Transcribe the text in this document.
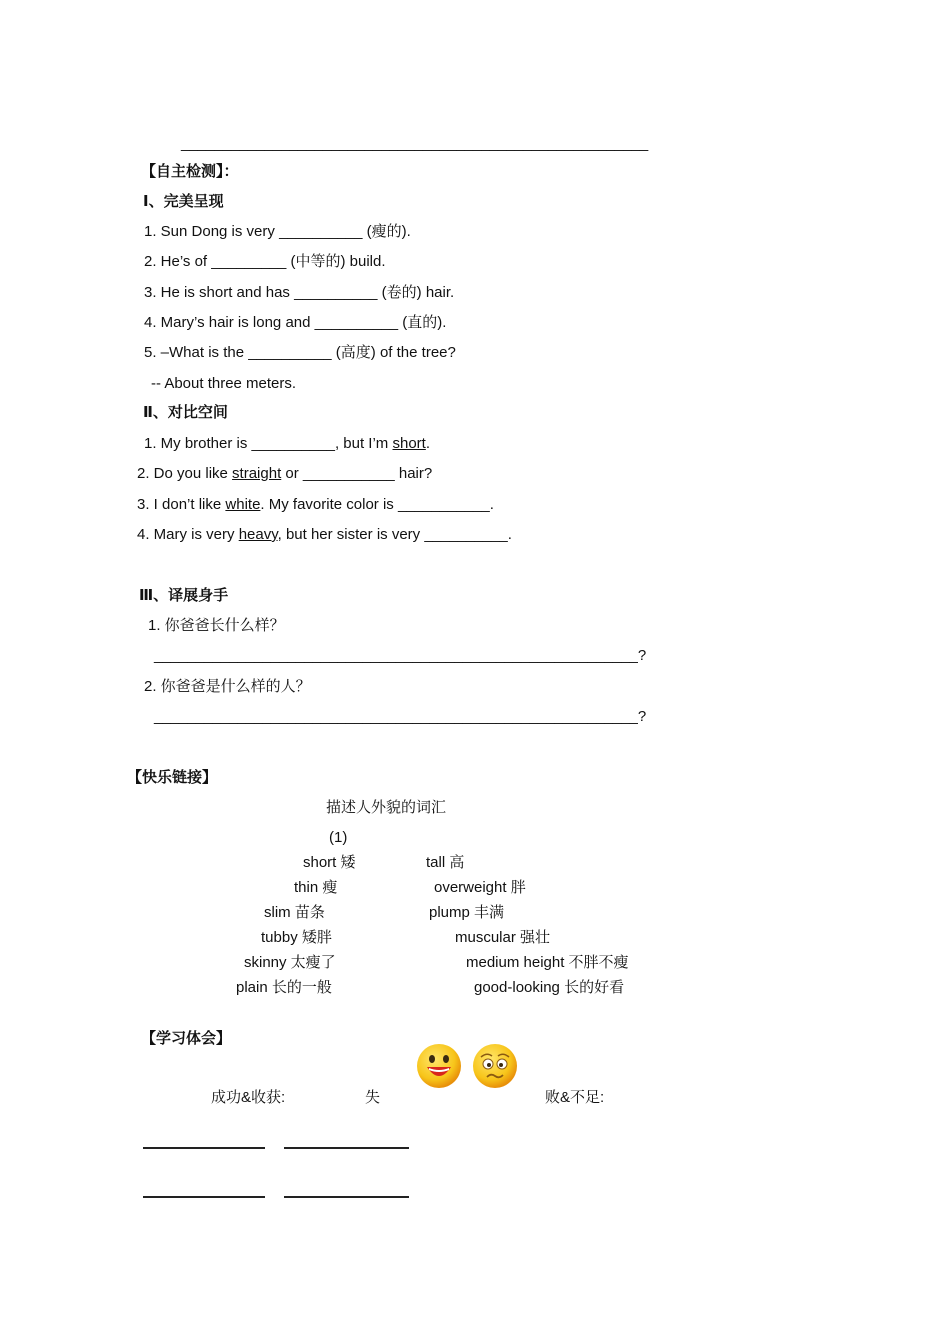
________________________________________________________
【自主检测】：
Ⅰ、完美呈现
1. Sun Dong is very __________ (瘦的).
2. He’s of _________ (中等的) build.
3. He is short and has __________ (卷的) hair.
4. Mary’s hair is long and __________ (直的).
5. –What is the __________ (高度) of the tree?
-- About three meters.
Ⅱ、对比空间
1. My brother is __________, but I’m short.
2. Do you like straight or ___________ hair?
3. I don’t like white. My favorite color is ___________.
4. Mary is very heavy, but her sister is very __________.
Ⅲ、译展身手
1. 你爸爸长什么样？
__________________________________________________________?
2. 你爸爸是什么样的人？
__________________________________________________________?
【快乐链接】
描述人外貌的词汇
(1)
short 矮
thin 瘦
slim 苗条
tubby 矮胖
skinny 太瘦了
plain 长的一般
tall 高
overweight 胖
plump 丰满
muscular 强壮
medium height 不胖不瘦
good-looking 长的好看
【学习体会】
成功&收获:	失	败&不足:
